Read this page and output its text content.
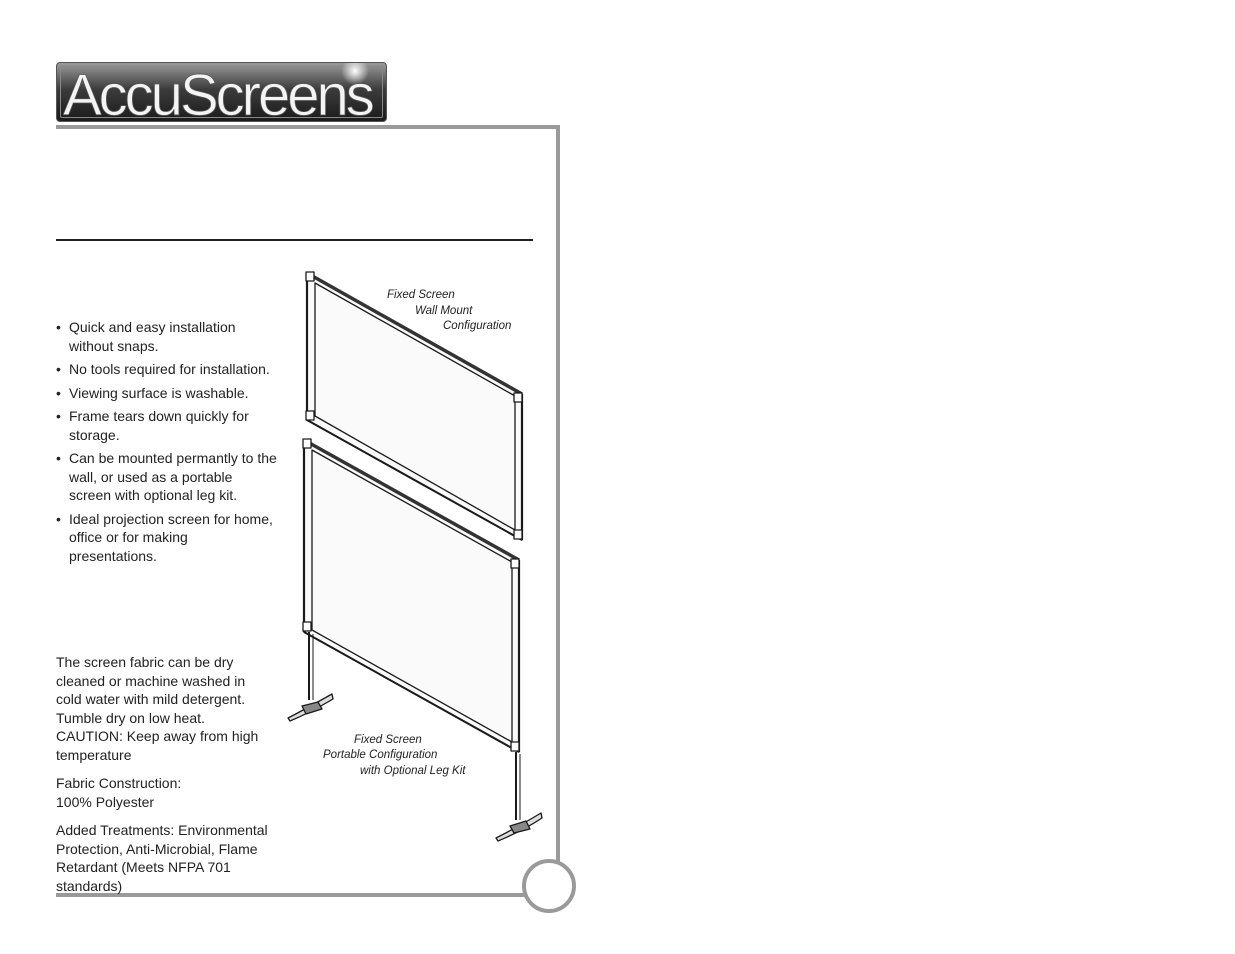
AccuScreens
• Quick and easy installation without snaps.
• No tools required for installation.
• Viewing surface is washable.
• Frame tears down quickly for storage.
• Can be mounted permantly to the wall, or used as a portable screen with optional leg kit.
• Ideal projection screen for home, office or for making presentations.

The screen fabric can be dry cleaned or machine washed in cold water with mild detergent. Tumble dry on low heat. CAUTION: Keep away from high temperature

Fabric Construction:
100% Polyester

Added Treatments: Environmental Protection, Anti-Microbial, Flame Retardant (Meets NFPA 701 standards)

Fixed Screen
Wall Mount
Configuration
Fixed Screen
Portable Configuration
with Optional Leg Kit
